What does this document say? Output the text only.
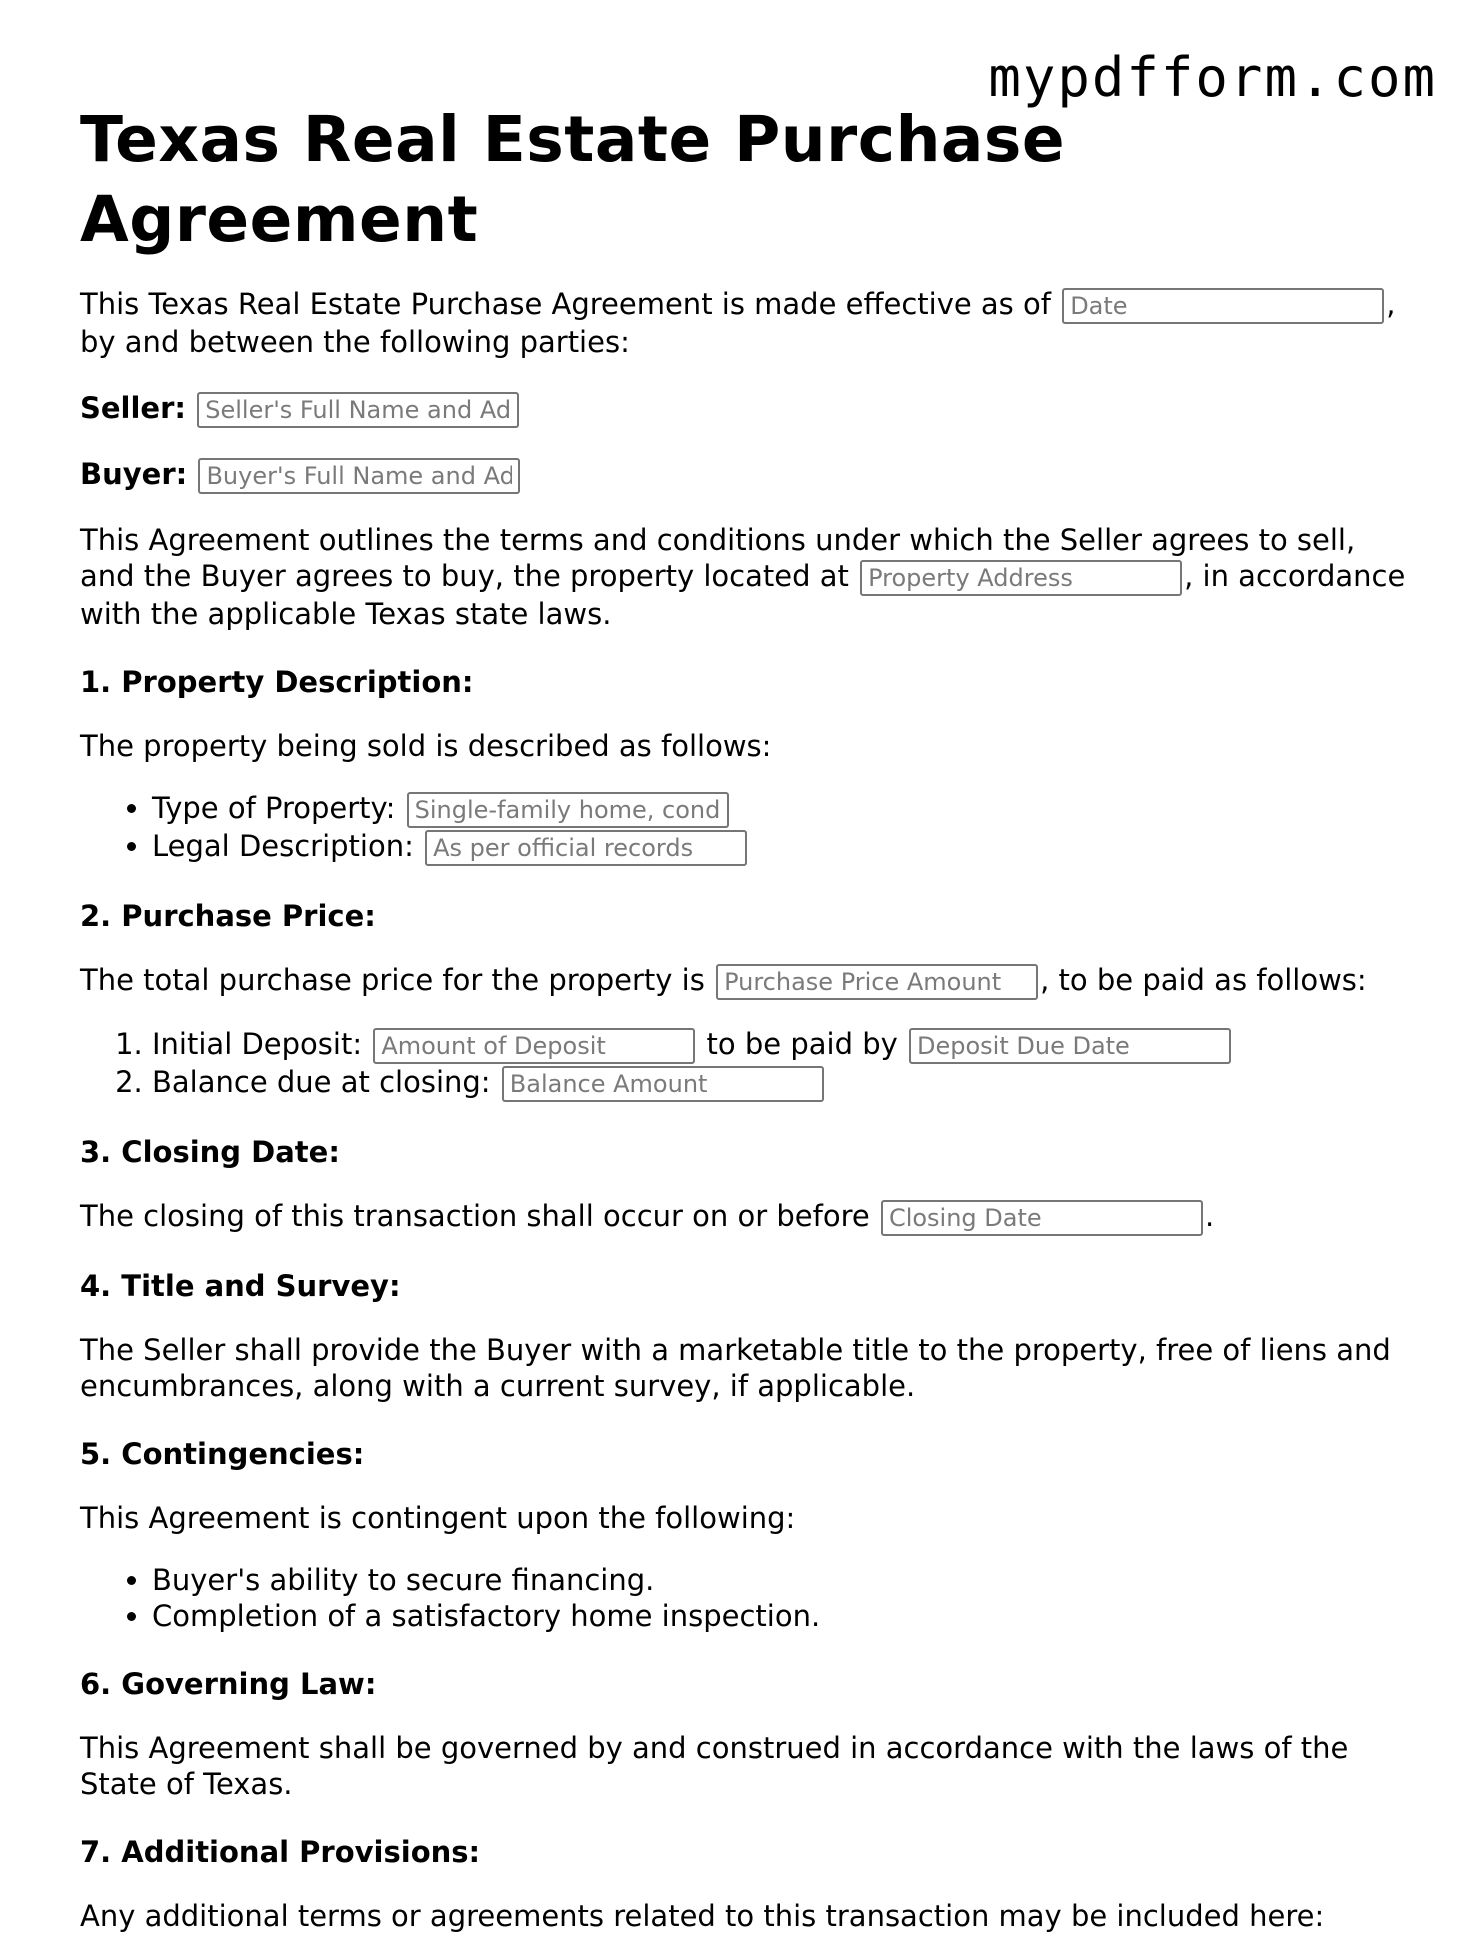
mypdfform.com
Texas Real Estate Purchase Agreement

This Texas Real Estate Purchase Agreement is made effective as of Date	,
by and between the following parties:

Seller: Seller's Full Name and Address

Buyer: Buyer's Full Name and Address

This Agreement outlines the terms and conditions under which the Seller agrees to sell, and the Buyer agrees to buy, the property located at Property Address	, in accordance with the applicable Texas state laws.

1. Property Description:

The property being sold is described as follows:

• Type of Property: Single-family home, condo, etc.
• Legal Description: As per official records
2. Purchase Price:

The total purchase price for the property is Purchase Price Amount	, to be paid as follows:

1. Initial Deposit: Amount of Deposit	to be paid by Deposit Due Date
2. Balance due at closing: Balance Amount
3. Closing Date:

The closing of this transaction shall occur on or before Closing Date	.

4. Title and Survey:

The Seller shall provide the Buyer with a marketable title to the property, free of liens and encumbrances, along with a current survey, if applicable.

5. Contingencies:

This Agreement is contingent upon the following:

• Buyer's ability to secure financing.
• Completion of a satisfactory home inspection.
6. Governing Law:

This Agreement shall be governed by and construed in accordance with the laws of the State of Texas.

7. Additional Provisions:

Any additional terms or agreements related to this transaction may be included here:
